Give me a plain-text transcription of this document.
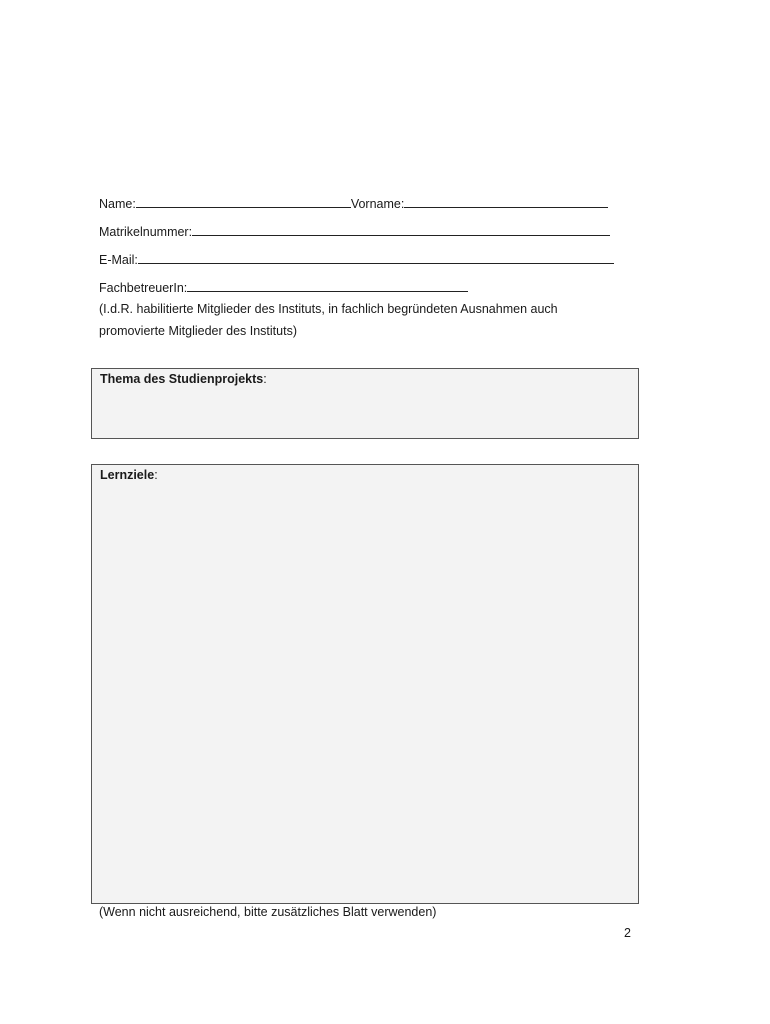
Name:	Vorname:
Matrikelnummer:
E-Mail:
FachbetreuerIn:
(I.d.R. habilitierte Mitglieder des Instituts, in fachlich begründeten Ausnahmen auch
promovierte Mitglieder des Instituts)
Thema des Studienprojekts:
Lernziele:
(Wenn nicht ausreichend, bitte zusätzliches Blatt verwenden)
2
